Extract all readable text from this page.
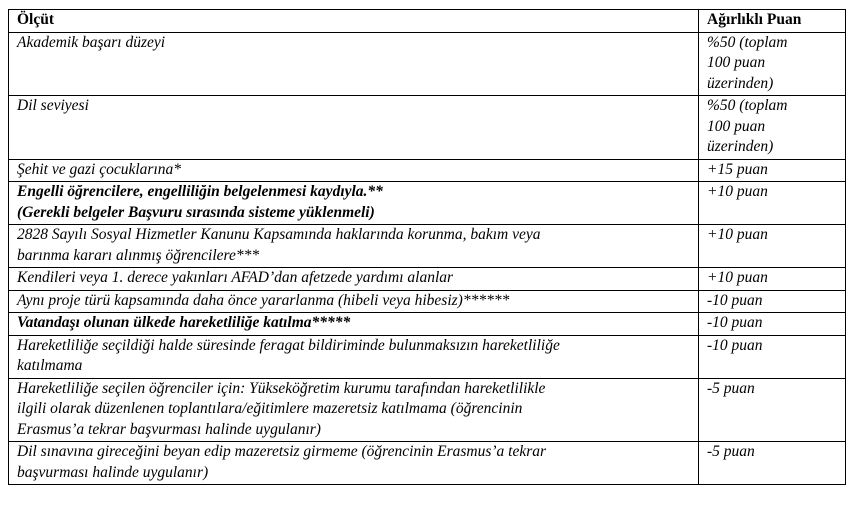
Ölçüt	Ağırlıklı Puan

Akademik başarı düzeyi	%50 (toplam
100 puan
üzerinden)

Dil seviyesi	%50 (toplam
100 puan
üzerinden)

Şehit ve gazi çocuklarına*	+15 puan

Engelli öğrencilere, engelliliğin belgelenmesi kaydıyla.**
(Gerekli belgeler Başvuru sırasında sisteme yüklenmeli)	+10 puan

2828 Sayılı Sosyal Hizmetler Kanunu Kapsamında haklarında korunma, bakım veya
barınma kararı alınmış öğrencilere***	+10 puan

Kendileri veya 1. derece yakınları AFAD’dan afetzede yardımı alanlar	+10 puan

Aynı proje türü kapsamında daha önce yararlanma (hibeli veya hibesiz)******	-10 puan

Vatandaşı olunan ülkede hareketliliğe katılma*****	-10 puan

Hareketliliğe seçildiği halde süresinde feragat bildiriminde bulunmaksızın hareketliliğe
katılmama	-10 puan

Hareketliliğe seçilen öğrenciler için: Yükseköğretim kurumu tarafından hareketlilikle
ilgili olarak düzenlenen toplantılara/eğitimlere mazeretsiz katılmama (öğrencinin
Erasmus’a tekrar başvurması halinde uygulanır)	-5 puan

Dil sınavına gireceğini beyan edip mazeretsiz girmeme (öğrencinin Erasmus’a tekrar
başvurması halinde uygulanır)	-5 puan
